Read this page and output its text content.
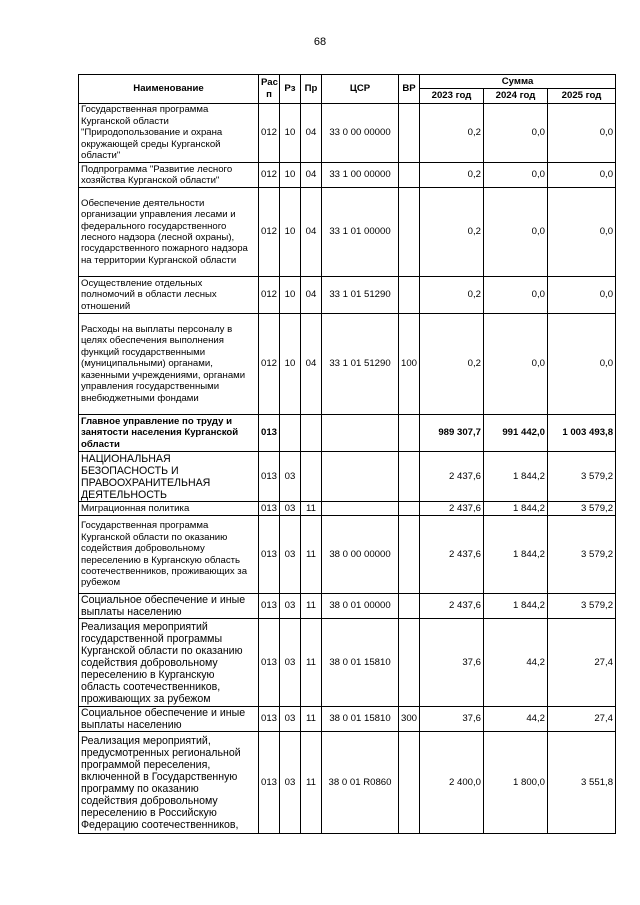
68
Наименование	Рас п	Рз	Пр	ЦСР	ВР	Сумма		
						2023 год	2024 год	2025 год
Государственная программа Курганской области "Природопользование и охрана окружающей среды Курганской области"	012	10	04	33 0 00 00000		0,2	0,0	0,0
Подпрограмма "Развитие лесного хозяйства Курганской области"	012	10	04	33 1 00 00000		0,2	0,0	0,0
Обеспечение деятельности организации управления лесами и федерального государственного лесного надзора (лесной охраны), государственного пожарного надзора на территории Курганской области	012	10	04	33 1 01 00000		0,2	0,0	0,0
Осуществление отдельных полномочий в области лесных отношений	012	10	04	33 1 01 51290		0,2	0,0	0,0
Расходы на выплаты персоналу в целях обеспечения выполнения функций государственными (муниципальными) органами, казенными учреждениями, органами управления государственными внебюджетными фондами	012	10	04	33 1 01 51290	100	0,2	0,0	0,0
Главное управление по труду и занятости населения Курганской области	013					989 307,7	991 442,0	1 003 493,8
НАЦИОНАЛЬНАЯ БЕЗОПАСНОСТЬ И ПРАВООХРАНИТЕЛЬНАЯ ДЕЯТЕЛЬНОСТЬ	013	03				2 437,6	1 844,2	3 579,2
Миграционная политика	013	03	11			2 437,6	1 844,2	3 579,2
Государственная программа Курганской области по оказанию содействия добровольному переселению в Курганскую область соотечественников, проживающих за рубежом	013	03	11	38 0 00 00000		2 437,6	1 844,2	3 579,2
Социальное обеспечение и иные выплаты населению	013	03	11	38 0 01 00000		2 437,6	1 844,2	3 579,2
Реализация мероприятий государственной программы Курганской области по оказанию содействия добровольному переселению в Курганскую область соотечественников, проживающих за рубежом	013	03	11	38 0 01 15810		37,6	44,2	27,4
Социальное обеспечение и иные выплаты населению	013	03	11	38 0 01 15810	300	37,6	44,2	27,4
Реализация мероприятий, предусмотренных региональной программой переселения, включенной в Государственную программу по оказанию содействия добровольному переселению в Российскую Федерацию соотечественников,	013	03	11	38 0 01 R0860		2 400,0	1 800,0	3 551,8
